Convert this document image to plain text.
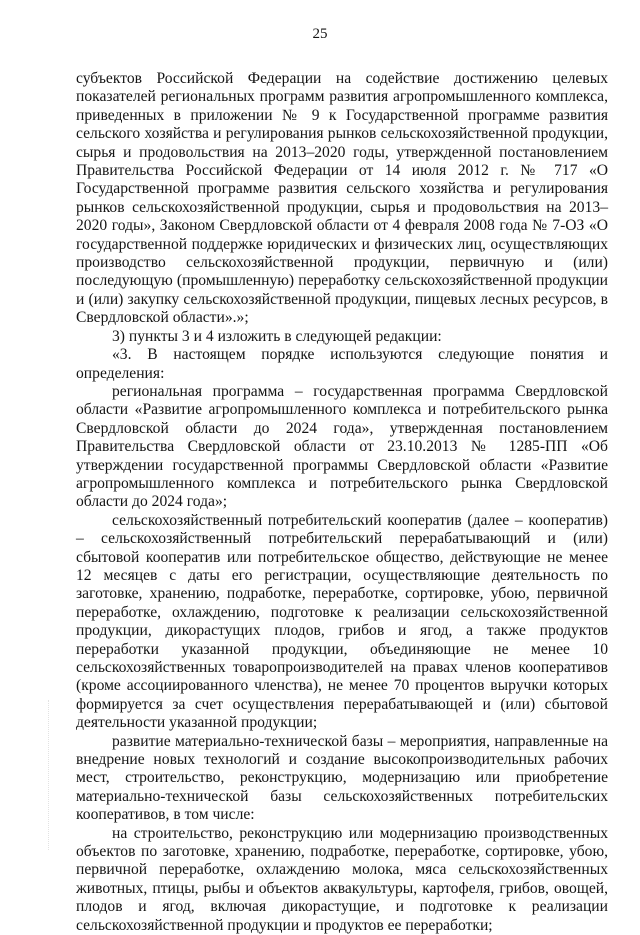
25

субъектов Российской Федерации на содействие достижению целевых показателей региональных программ развития агропромышленного комплекса, приведенных в приложении № 9 к Государственной программе развития сельского хозяйства и регулирования рынков сельскохозяйственной продукции, сырья и продовольствия на 2013–2020 годы, утвержденной постановлением Правительства Российской Федерации от 14 июля 2012 г. № 717 «О Государственной программе развития сельского хозяйства и регулирования рынков сельскохозяйственной продукции, сырья и продовольствия на 2013–2020 годы», Законом Свердловской области от 4 февраля 2008 года № 7-ОЗ «О государственной поддержке юридических и физических лиц, осуществляющих производство сельскохозяйственной продукции, первичную и (или) последующую (промышленную) переработку сельскохозяйственной продукции и (или) закупку сельскохозяйственной продукции, пищевых лесных ресурсов, в Свердловской области».»;

3) пункты 3 и 4 изложить в следующей редакции:

«3. В настоящем порядке используются следующие понятия и определения:

региональная программа – государственная программа Свердловской области «Развитие агропромышленного комплекса и потребительского рынка Свердловской области до 2024 года», утвержденная постановлением Правительства Свердловской области от 23.10.2013 № 1285-ПП «Об утверждении государственной программы Свердловской области «Развитие агропромышленного комплекса и потребительского рынка Свердловской области до 2024 года»;

сельскохозяйственный потребительский кооператив (далее – кооператив) – сельскохозяйственный потребительский перерабатывающий и (или) сбытовой кооператив или потребительское общество, действующие не менее 12 месяцев с даты его регистрации, осуществляющие деятельность по заготовке, хранению, подработке, переработке, сортировке, убою, первичной переработке, охлаждению, подготовке к реализации сельскохозяйственной продукции, дикорастущих плодов, грибов и ягод, а также продуктов переработки указанной продукции, объединяющие не менее 10 сельскохозяйственных товаропроизводителей на правах членов кооперативов (кроме ассоциированного членства), не менее 70 процентов выручки которых формируется за счет осуществления перерабатывающей и (или) сбытовой деятельности указанной продукции;

развитие материально-технической базы – мероприятия, направленные на внедрение новых технологий и создание высокопроизводительных рабочих мест, строительство, реконструкцию, модернизацию или приобретение материально-технической базы сельскохозяйственных потребительских кооперативов, в том числе:

на строительство, реконструкцию или модернизацию производственных объектов по заготовке, хранению, подработке, переработке, сортировке, убою, первичной переработке, охлаждению молока, мяса сельскохозяйственных животных, птицы, рыбы и объектов аквакультуры, картофеля, грибов, овощей, плодов и ягод, включая дикорастущие, и подготовке к реализации сельскохозяйственной продукции и продуктов ее переработки;
